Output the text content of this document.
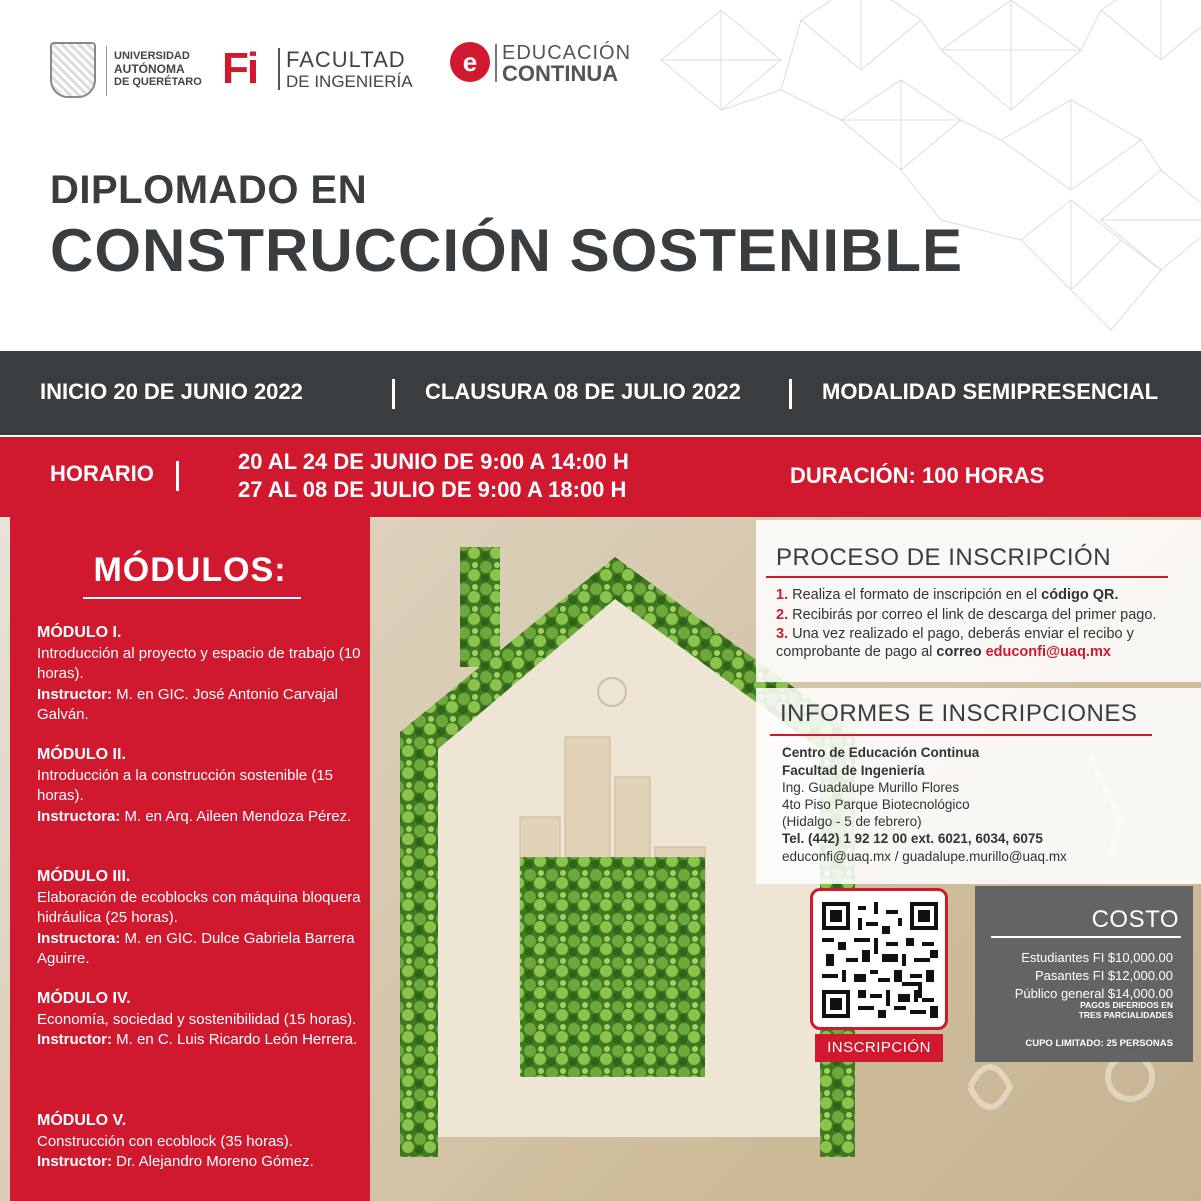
UNIVERSIDAD
AUTÓNOMA
DE QUERÉTARO Fi FACULTAD
DE INGENIERÍA
e	EDUCACIÓN
CONTINUA
DIPLOMADO EN
CONSTRUCCIÓN SOSTENIBLE
INICIO 20 DE JUNIO 2022	CLAUSURA 08 DE JULIO 2022	MODALIDAD SEMIPRESENCIAL
HORARIO	20 AL 24 DE JUNIO DE 9:00 A 14:00 H
27 AL 08 DE JULIO DE 9:00 A 18:00 H
DURACIÓN: 100 HORAS
MÓDULOS:
MÓDULO I.
Introducción al proyecto y espacio de trabajo (10 horas).
Instructor: M. en GIC. José Antonio Carvajal Galván.
MÓDULO II.
Introducción a la construcción sostenible (15 horas).
Instructora: M. en Arq. Aileen Mendoza Pérez.
MÓDULO III.
Elaboración de ecoblocks con máquina bloquera hidráulica (25 horas).
Instructora: M. en GIC. Dulce Gabriela Barrera Aguirre.
MÓDULO IV.
Economía, sociedad y sostenibilidad (15 horas).
Instructor: M. en C. Luis Ricardo León Herrera.
MÓDULO V.
Construcción con ecoblock (35 horas).
Instructor: Dr. Alejandro Moreno Gómez.
PROCESO DE INSCRIPCIÓN
1. Realiza el formato de inscripción en el código QR.
2. Recibirás por correo el link de descarga del primer pago.
3. Una vez realizado el pago, deberás enviar el recibo y
comprobante de pago al correo educonfi@uaq.mx
INFORMES E INSCRIPCIONES
Centro de Educación Continua
Facultad de Ingeniería
Ing. Guadalupe Murillo Flores
4to Piso Parque Biotecnológico
(Hidalgo - 5 de febrero)
Tel. (442) 1 92 12 00 ext. 6021, 6034, 6075
educonfi@uaq.mx / guadalupe.murillo@uaq.mx
INSCRIPCIÓN
COSTO
Estudiantes FI $10,000.00
Pasantes FI $12,000.00
Público general $14,000.00
PAGOS DIFERIDOS EN
TRES PARCIALIDADES
CUPO LIMITADO: 25 PERSONAS
